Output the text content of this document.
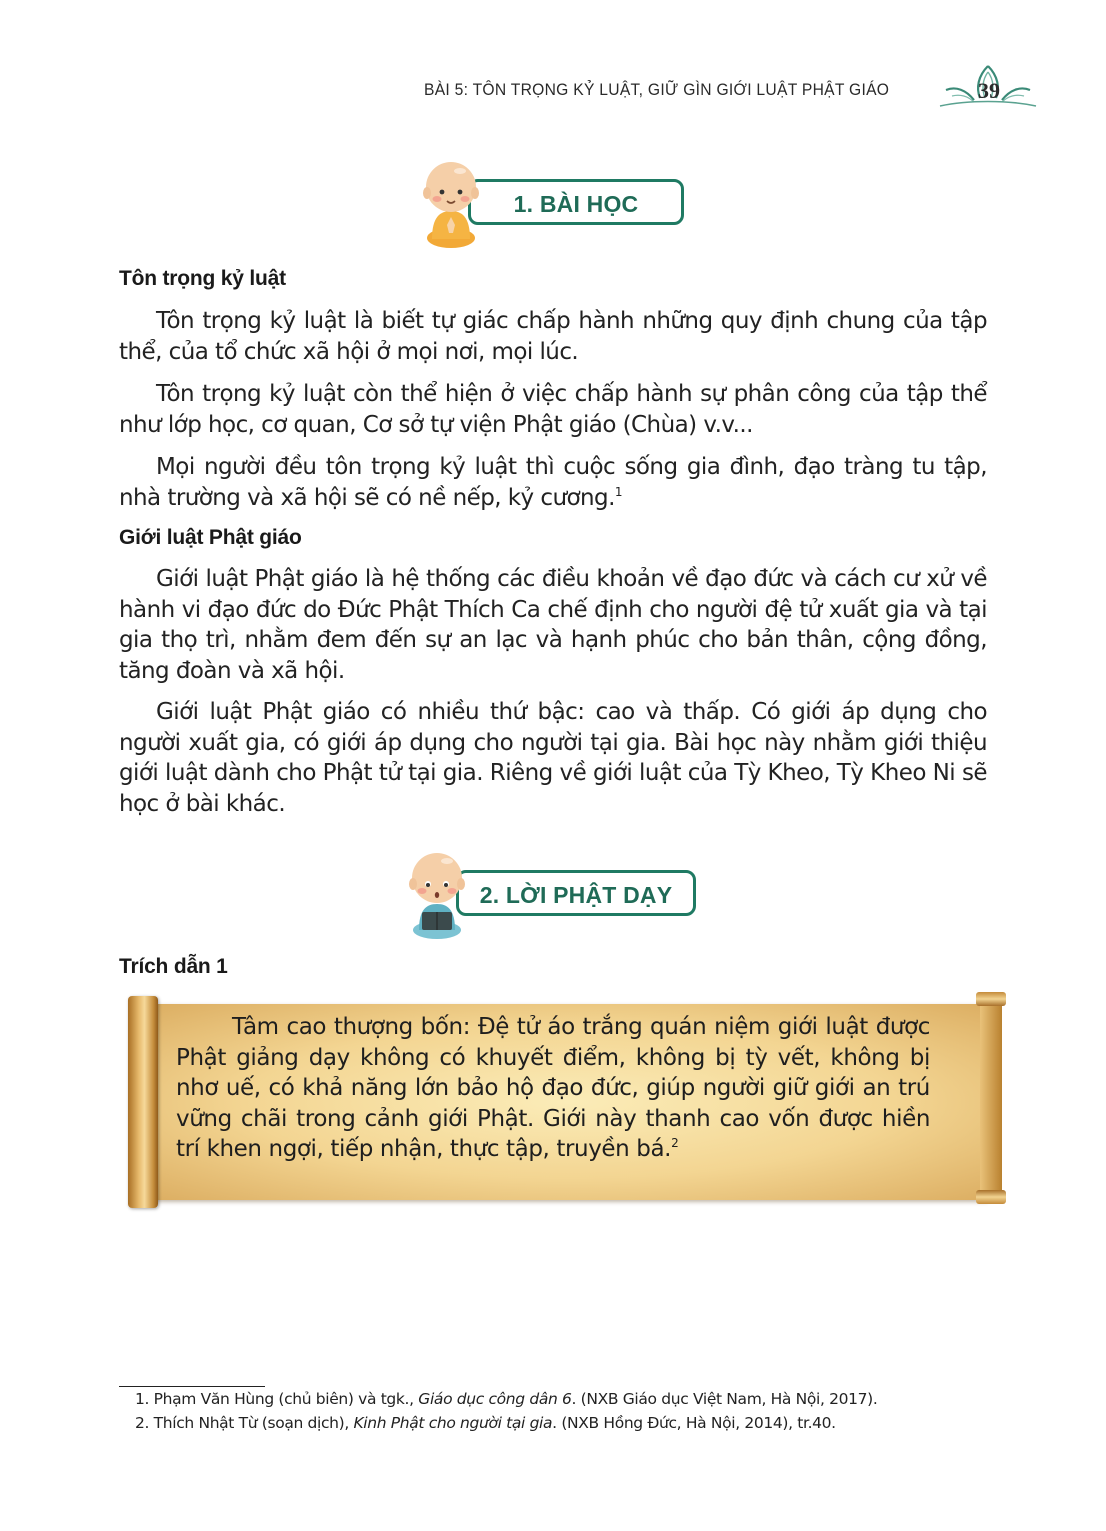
BÀI 5: TÔN TRỌNG KỶ LUẬT, GIỮ GÌN GIỚI LUẬT PHẬT GIÁO	39
1. BÀI HỌC
Tôn trọng kỷ luật
Tôn trọng kỷ luật là biết tự giác chấp hành những quy định chung của tập thể, của tổ chức xã hội ở mọi nơi, mọi lúc.
Tôn trọng kỷ luật còn thể hiện ở việc chấp hành sự phân công của tập thể như lớp học, cơ quan, Cơ sở tự viện Phật giáo (Chùa) v.v...
Mọi người đều tôn trọng kỷ luật thì cuộc sống gia đình, đạo tràng tu tập, nhà trường và xã hội sẽ có nề nếp, kỷ cương.$^1$
Giới luật Phật giáo
Giới luật Phật giáo là hệ thống các điều khoản về đạo đức và cách cư xử về hành vi đạo đức do Đức Phật Thích Ca chế định cho người đệ tử xuất gia và tại gia thọ trì, nhằm đem đến sự an lạc và hạnh phúc cho bản thân, cộng đồng, tăng đoàn và xã hội.
Giới luật Phật giáo có nhiều thứ bậc: cao và thấp. Có giới áp dụng cho người xuất gia, có giới áp dụng cho người tại gia. Bài học này nhằm giới thiệu giới luật dành cho Phật tử tại gia. Riêng về giới luật của Tỳ Kheo, Tỳ Kheo Ni sẽ học ở bài khác.
2. LỜI PHẬT DẠY
Trích dẫn 1
Tâm cao thượng bốn: Đệ tử áo trắng quán niệm giới luật được Phật giảng dạy không có khuyết điểm, không bị tỳ vết, không bị nhơ uế, có khả năng lớn bảo hộ đạo đức, giúp người giữ giới an trú vững chãi trong cảnh giới Phật. Giới này thanh cao vốn được hiền trí khen ngợi, tiếp nhận, thực tập, truyền bá.$^2$
1. Phạm Văn Hùng (chủ biên) và tgk., Giáo dục công dân 6. (NXB Giáo dục Việt Nam, Hà Nội, 2017).
2. Thích Nhật Từ (soạn dịch), Kinh Phật cho người tại gia. (NXB Hồng Đức, Hà Nội, 2014), tr.40.
